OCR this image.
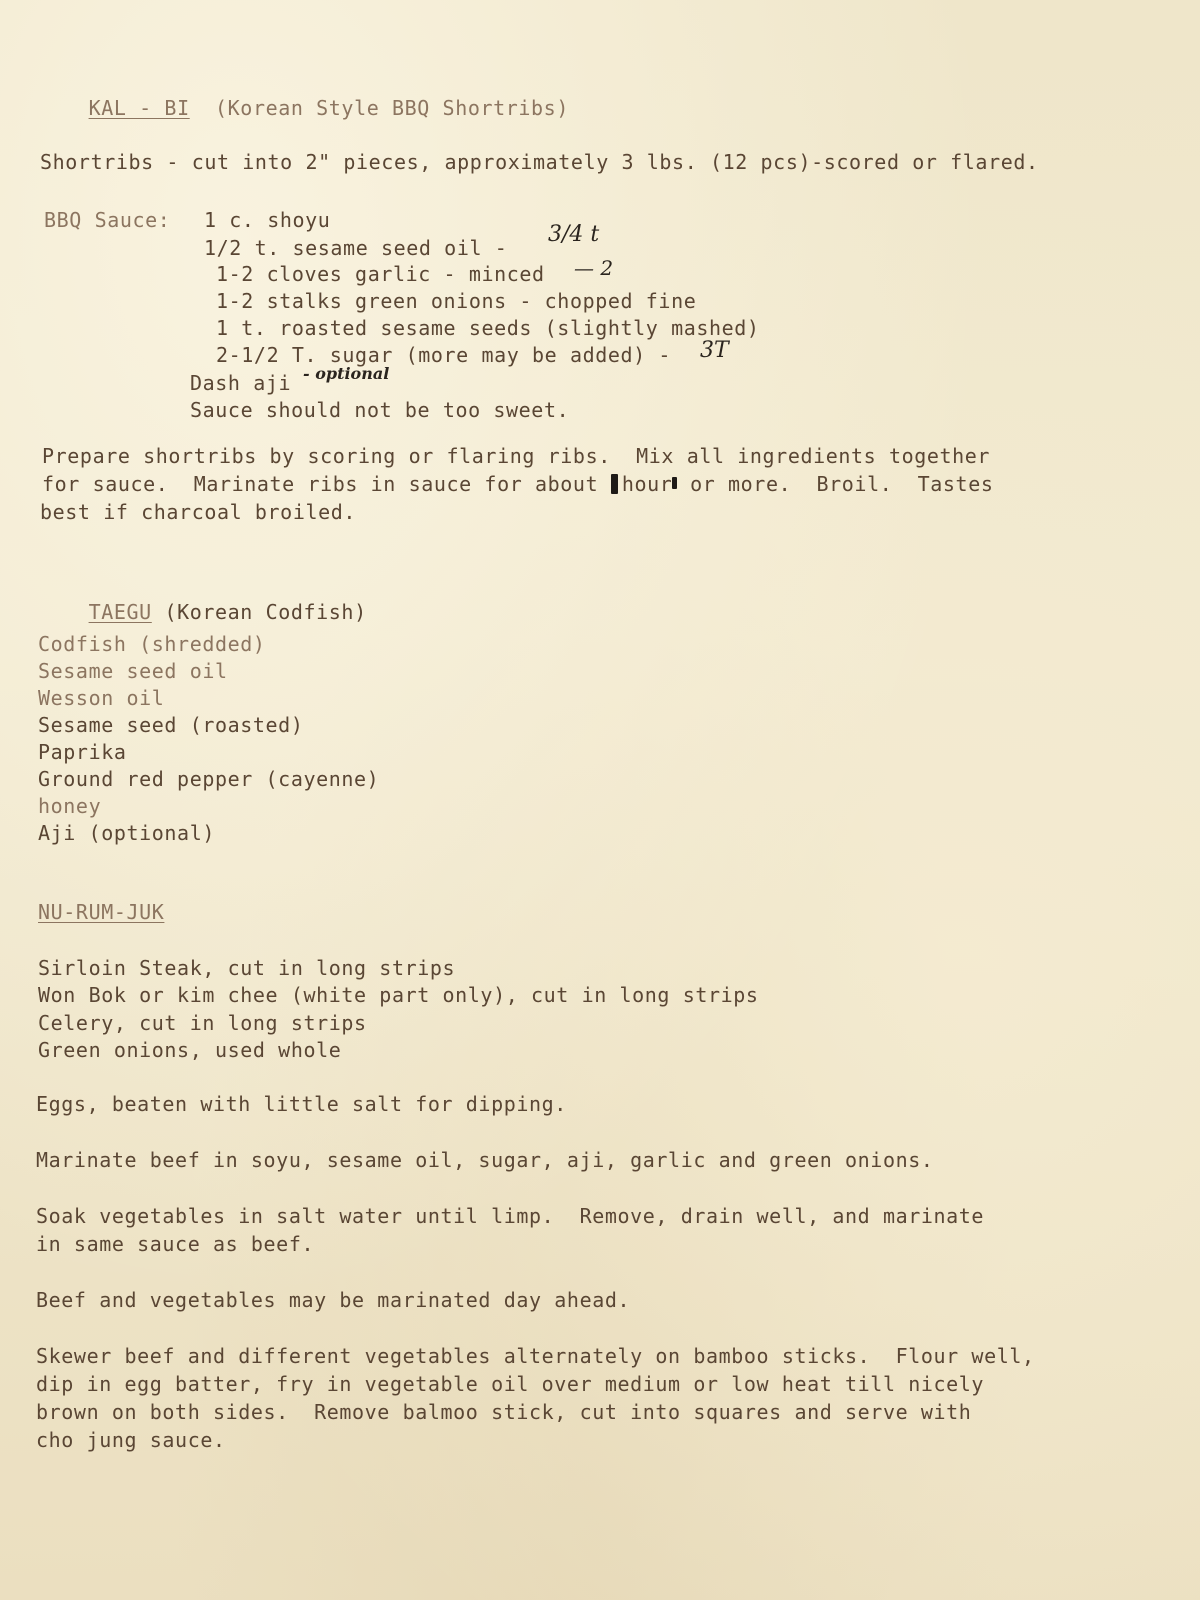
KAL - BI (Korean Style BBQ Shortribs)

Shortribs - cut into 2" pieces, approximately 3 lbs. (12 pcs)-scored or flared.
BBQ Sauce: 1 c. shoyu
1/2 t. sesame seed oil -
3/4 t
1-2 cloves garlic - minced — 2
1-2 stalks green onions - chopped fine
1 t. roasted sesame seeds (slightly mashed)
2-1/2 T. sugar (more may be added) - 3T
Dash aji - optional
Sauce should not be too sweet.
Prepare shortribs by scoring or flaring ribs.  Mix all ingredients together
for sauce.  Marinate ribs in sauce for about hour or more.  Broil.  Tastes
best if charcoal broiled.

TAEGU (Korean Codfish)

Codfish (shredded)
Sesame seed oil
Wesson oil
Sesame seed (roasted)
Paprika
Ground red pepper (cayenne)
honey
Aji (optional)
NU-RUM-JUK
Sirloin Steak, cut in long strips
Won Bok or kim chee (white part only), cut in long strips
Celery, cut in long strips
Green onions, used whole
Eggs, beaten with little salt for dipping.
Marinate beef in soyu, sesame oil, sugar, aji, garlic and green onions.
Soak vegetables in salt water until limp.  Remove, drain well, and marinate
in same sauce as beef.
Beef and vegetables may be marinated day ahead.
Skewer beef and different vegetables alternately on bamboo sticks.  Flour well,
dip in egg batter, fry in vegetable oil over medium or low heat till nicely
brown on both sides.  Remove balmoo stick, cut into squares and serve with
cho jung sauce.
